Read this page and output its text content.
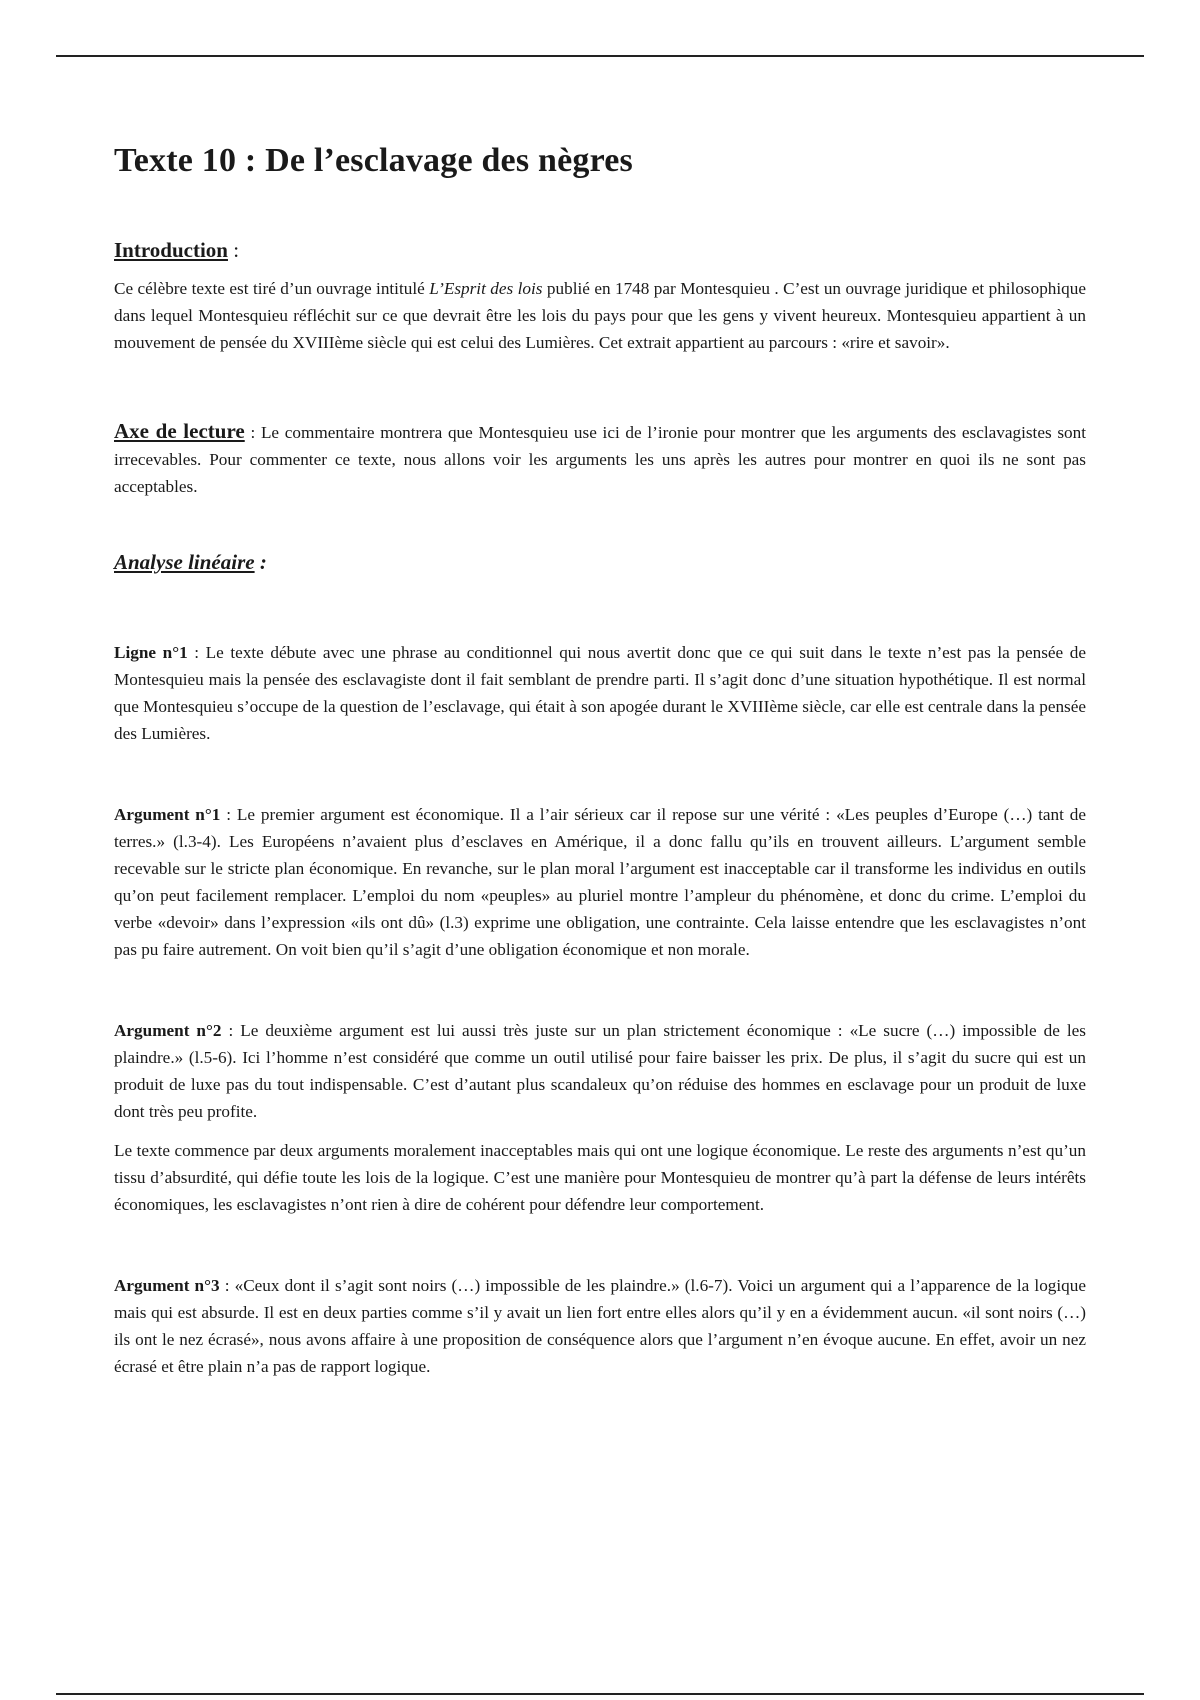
Texte 10 : De l’esclavage des nègres
Introduction :

Ce célèbre texte est tiré d’un ouvrage intitulé L’Esprit des lois publié en 1748 par Montesquieu . C’est un ouvrage juridique et philosophique dans lequel Montesquieu réfléchit sur ce que devrait être les lois du pays pour que les gens y vivent heureux. Montesquieu appartient à un mouvement de pensée du XVIIIème siècle qui est celui des Lumières. Cet extrait appartient au parcours : «rire et savoir».

Axe de lecture : Le commentaire montrera que Montesquieu use ici de l’ironie pour montrer que les arguments des esclavagistes sont irrecevables. Pour commenter ce texte, nous allons voir les arguments les uns après les autres pour montrer en quoi ils ne sont pas acceptables.

Analyse linéaire :

Ligne n°1 : Le texte débute avec une phrase au conditionnel qui nous avertit donc que ce qui suit dans le texte n’est pas la pensée de Montesquieu mais la pensée des esclavagiste dont il fait semblant de prendre parti. Il s’agit donc d’une situation hypothétique. Il est normal que Montesquieu s’occupe de la question de l’esclavage, qui était à son apogée durant le XVIIIème siècle, car elle est centrale dans la pensée des Lumières.

Argument n°1 : Le premier argument est économique. Il a l’air sérieux car il repose sur une vérité : «Les peuples d’Europe (…) tant de terres.» (l.3-4). Les Européens n’avaient plus d’esclaves en Amérique, il a donc fallu qu’ils en trouvent ailleurs. L’argument semble recevable sur le stricte plan économique. En revanche, sur le plan moral l’argument est inacceptable car il transforme les individus en outils qu’on peut facilement remplacer. L’emploi du nom «peuples» au pluriel montre l’ampleur du phénomène, et donc du crime. L’emploi du verbe «devoir» dans l’expression «ils ont dû» (l.3) exprime une obligation, une contrainte. Cela laisse entendre que les esclavagistes n’ont pas pu faire autrement. On voit bien qu’il s’agit d’une obligation économique et non morale.

Argument n°2 : Le deuxième argument est lui aussi très juste sur un plan strictement économique : «Le sucre (…) impossible de les plaindre.» (l.5-6). Ici l’homme n’est considéré que comme un outil utilisé pour faire baisser les prix. De plus, il s’agit du sucre qui est un produit de luxe pas du tout indispensable. C’est d’autant plus scandaleux qu’on réduise des hommes en esclavage pour un produit de luxe dont très peu profite.

Le texte commence par deux arguments moralement inacceptables mais qui ont une logique économique. Le reste des arguments n’est qu’un tissu d’absurdité, qui défie toute les lois de la logique. C’est une manière pour Montesquieu de montrer qu’à part la défense de leurs intérêts économiques, les esclavagistes n’ont rien à dire de cohérent pour défendre leur comportement.

Argument n°3 : «Ceux dont il s’agit sont noirs (…) impossible de les plaindre.» (l.6-7). Voici un argument qui a l’apparence de la logique mais qui est absurde. Il est en deux parties comme s’il y avait un lien fort entre elles alors qu’il y en a évidemment aucun. «il sont noirs (…) ils ont le nez écrasé», nous avons affaire à une proposition de conséquence alors que l’argument n’en évoque aucune. En effet, avoir un nez écrasé et être plain n’a pas de rapport logique.
